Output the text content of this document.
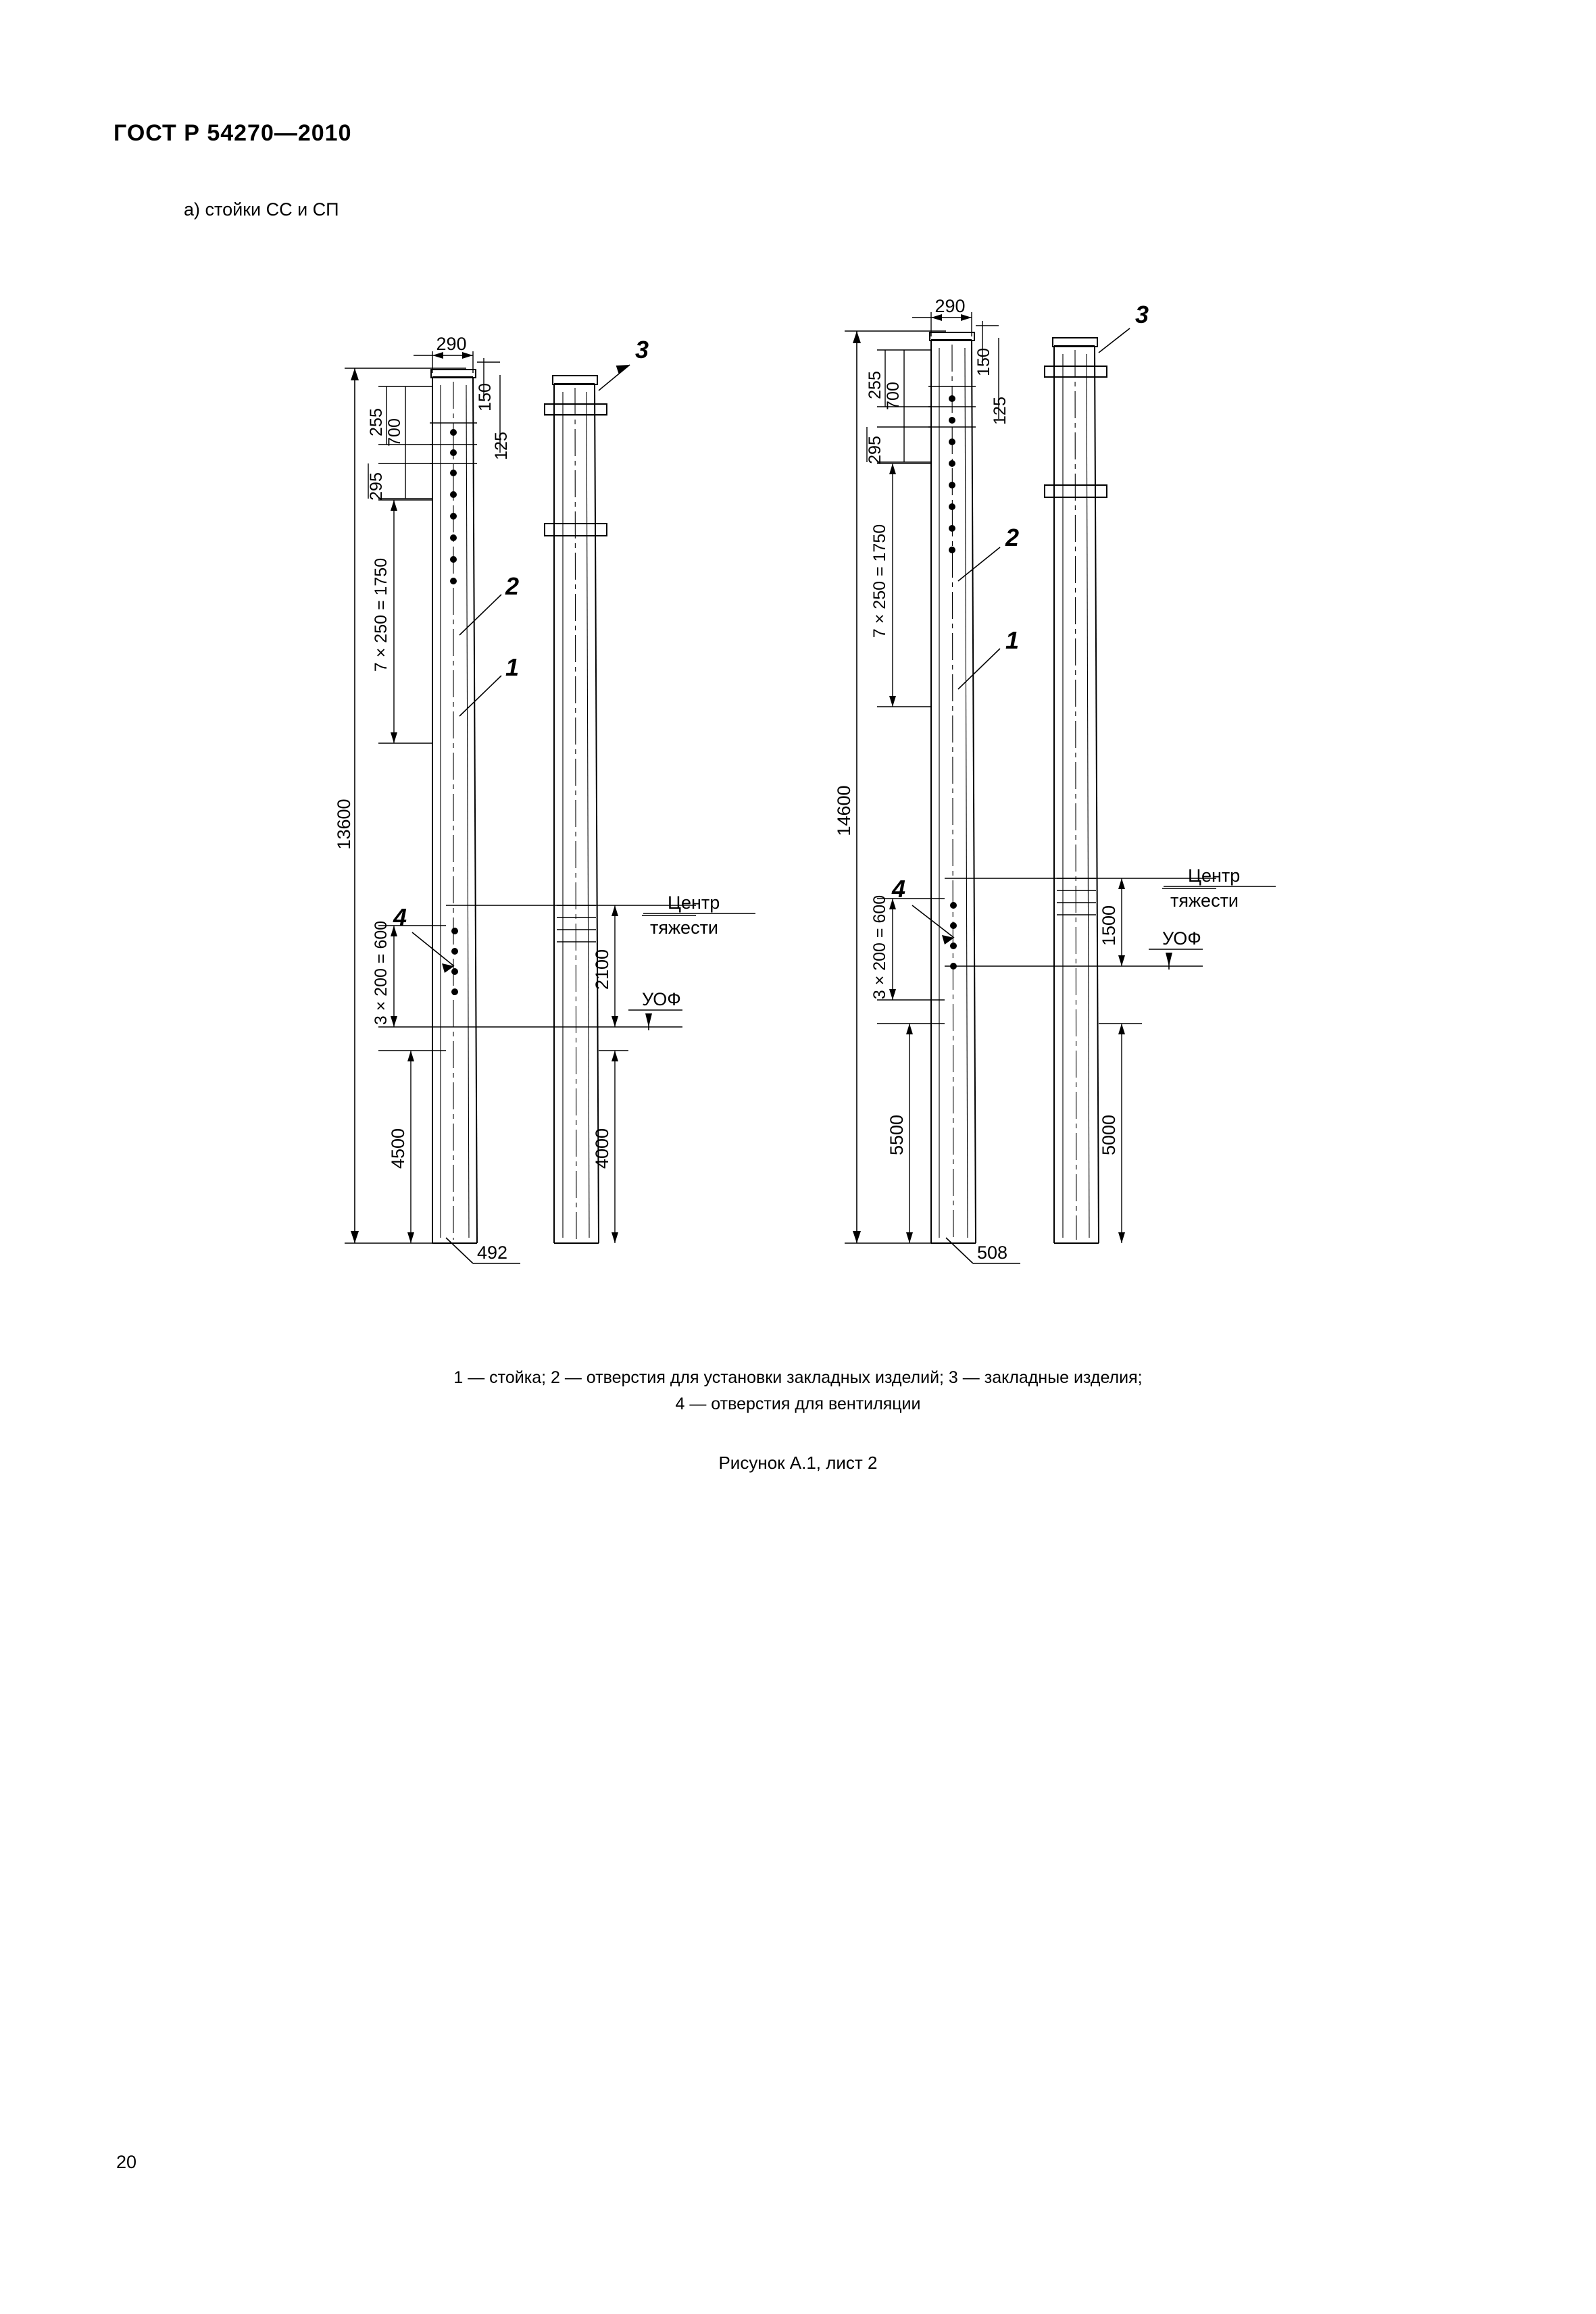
ГОСТ Р 54270—2010
а) стойки СС и СП
13600
290
150
125
255 700
295
7 × 250 = 1750
3 × 200 = 600
4500
2100
4000
492
Центр
тяжести
УОФ
1
2
3
4
14600
290
150
125
255 700
295
7 × 250 = 1750
3 × 200 = 600
5500
1500
5000
508
Центр
тяжести
УОФ
1
2
3
4
1 — стойка; 2 — отверстия для установки закладных изделий; 3 — закладные изделия;
4 — отверстия для вентиляции
Рисунок А.1, лист 2
20
